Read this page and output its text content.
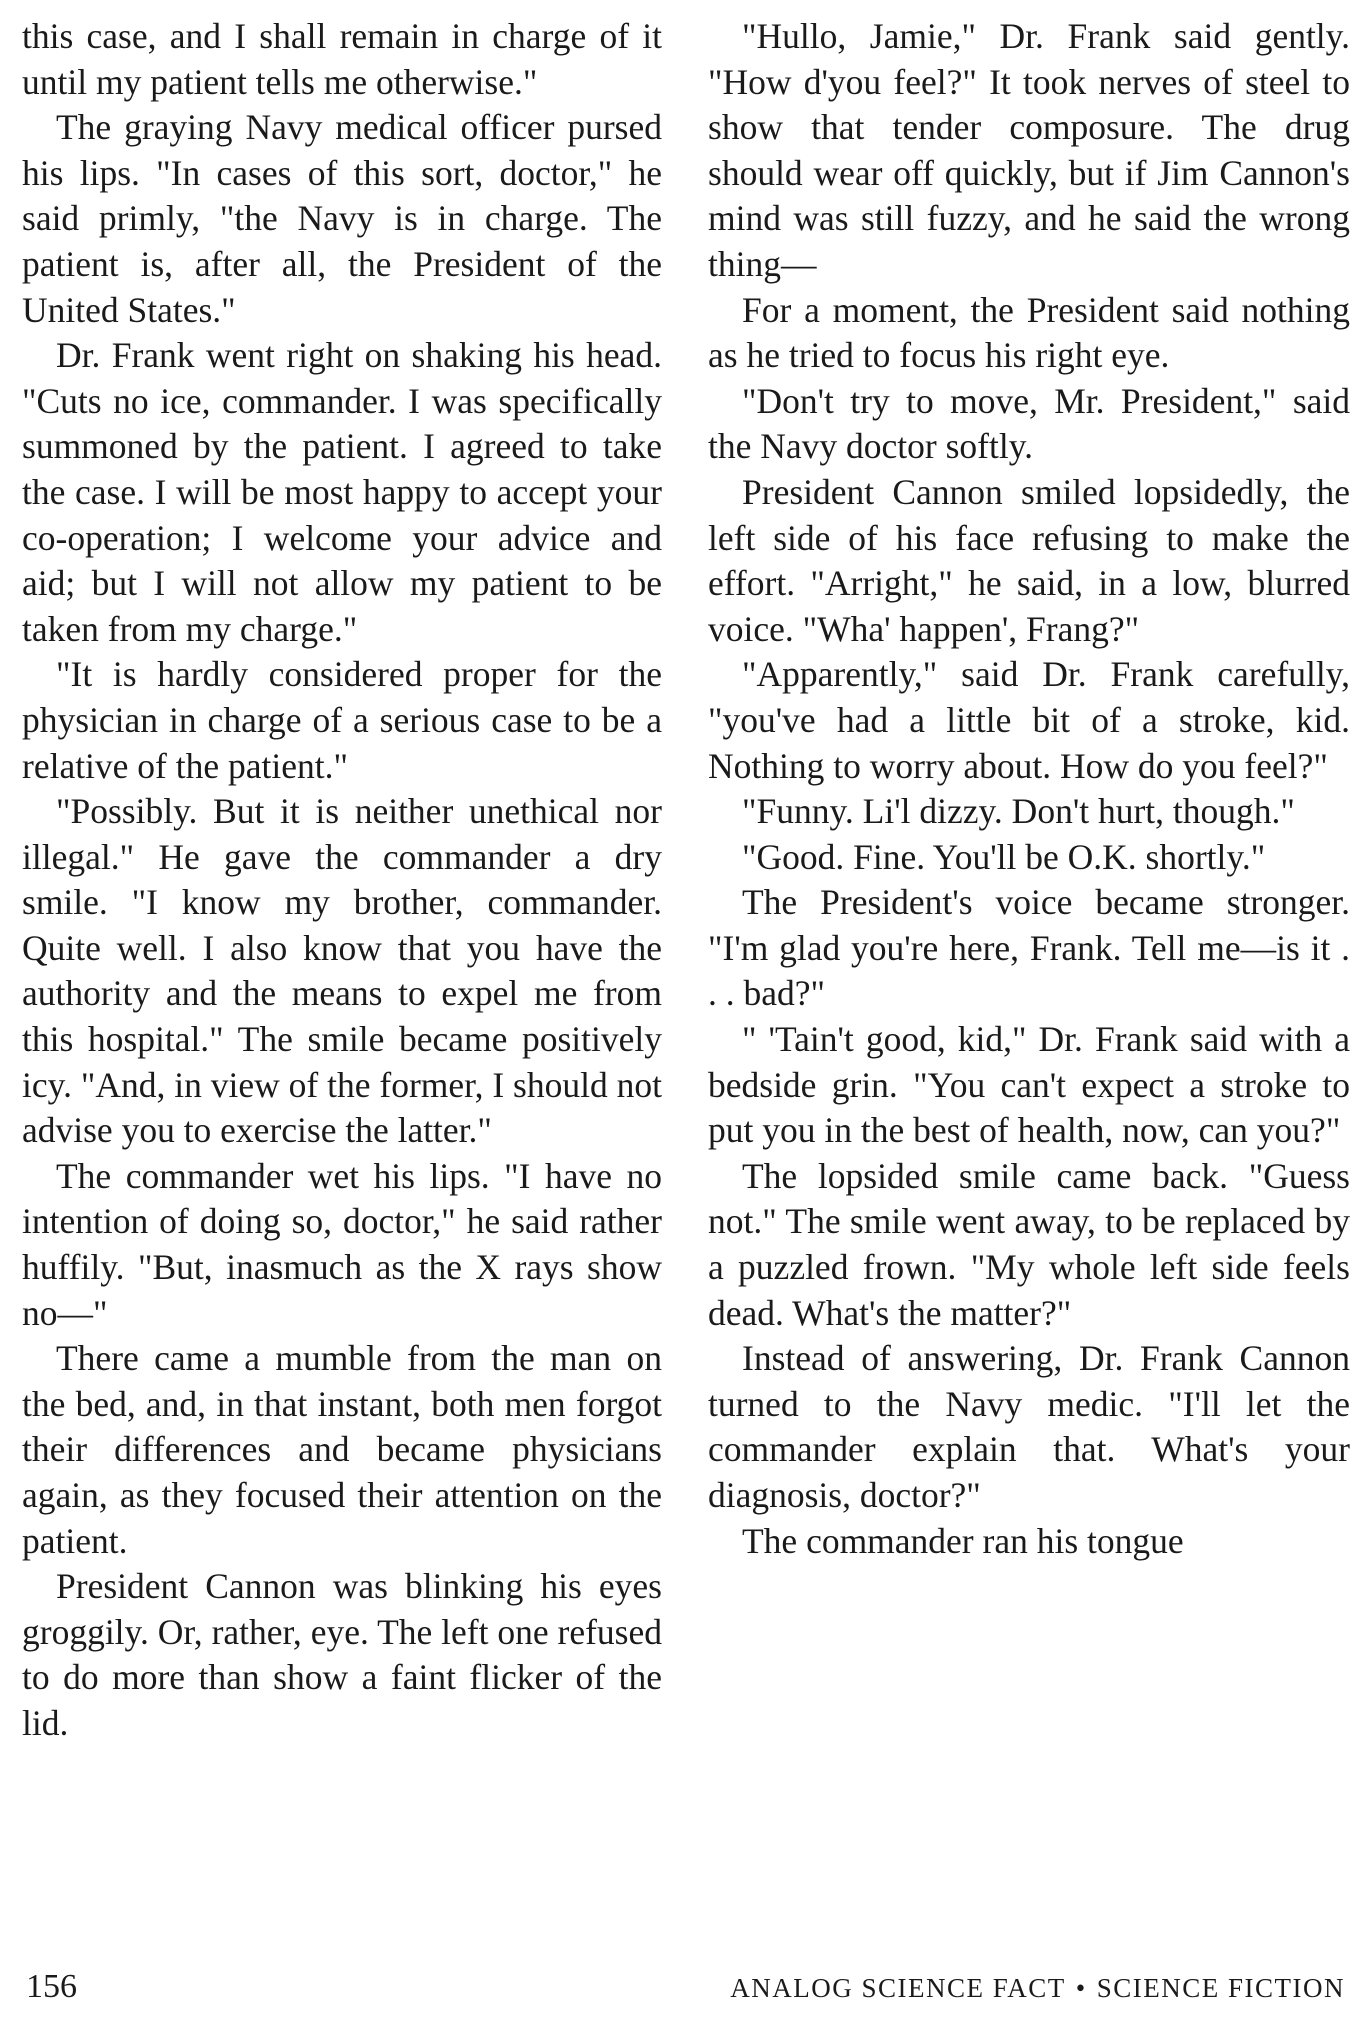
this case, and I shall remain in charge of it until my patient tells me otherwise."

The graying Navy medical officer pursed his lips. "In cases of this sort, doctor," he said primly, "the Navy is in charge. The patient is, after all, the President of the United States."

Dr. Frank went right on shaking his head. "Cuts no ice, commander. I was specifically summoned by the patient. I agreed to take the case. I will be most happy to accept your co-operation; I welcome your advice and aid; but I will not allow my patient to be taken from my charge."

"It is hardly considered proper for the physician in charge of a serious case to be a relative of the patient."

"Possibly. But it is neither unethical nor illegal." He gave the commander a dry smile. "I know my brother, commander. Quite well. I also know that you have the authority and the means to expel me from this hospital." The smile became positively icy. "And, in view of the former, I should not advise you to exercise the latter."

The commander wet his lips. "I have no intention of doing so, doctor," he said rather huffily. "But, inasmuch as the X rays show no—"

There came a mumble from the man on the bed, and, in that instant, both men forgot their differences and became physicians again, as they focused their attention on the patient.

President Cannon was blinking his eyes groggily. Or, rather, eye. The left one refused to do more than show a faint flicker of the lid.

"Hullo, Jamie," Dr. Frank said gently. "How d'you feel?" It took nerves of steel to show that tender composure. The drug should wear off quickly, but if Jim Cannon's mind was still fuzzy, and he said the wrong thing—

For a moment, the President said nothing as he tried to focus his right eye.

"Don't try to move, Mr. President," said the Navy doctor softly.

President Cannon smiled lopsidedly, the left side of his face refusing to make the effort. "Arright," he said, in a low, blurred voice. "Wha' happen', Frang?"

"Apparently," said Dr. Frank carefully, "you've had a little bit of a stroke, kid. Nothing to worry about. How do you feel?"

"Funny. Li'l dizzy. Don't hurt, though."

"Good. Fine. You'll be O.K. shortly."

The President's voice became stronger. "I'm glad you're here, Frank. Tell me—is it . . . bad?"

" 'Tain't good, kid," Dr. Frank said with a bedside grin. "You can't expect a stroke to put you in the best of health, now, can you?"

The lopsided smile came back. "Guess not." The smile went away, to be replaced by a puzzled frown. "My whole left side feels dead. What's the matter?"

Instead of answering, Dr. Frank Cannon turned to the Navy medic. "I'll let the commander explain that. What's your diagnosis, doctor?"

The commander ran his tongue

156	ANALOG SCIENCE FACT • SCIENCE FICTION
